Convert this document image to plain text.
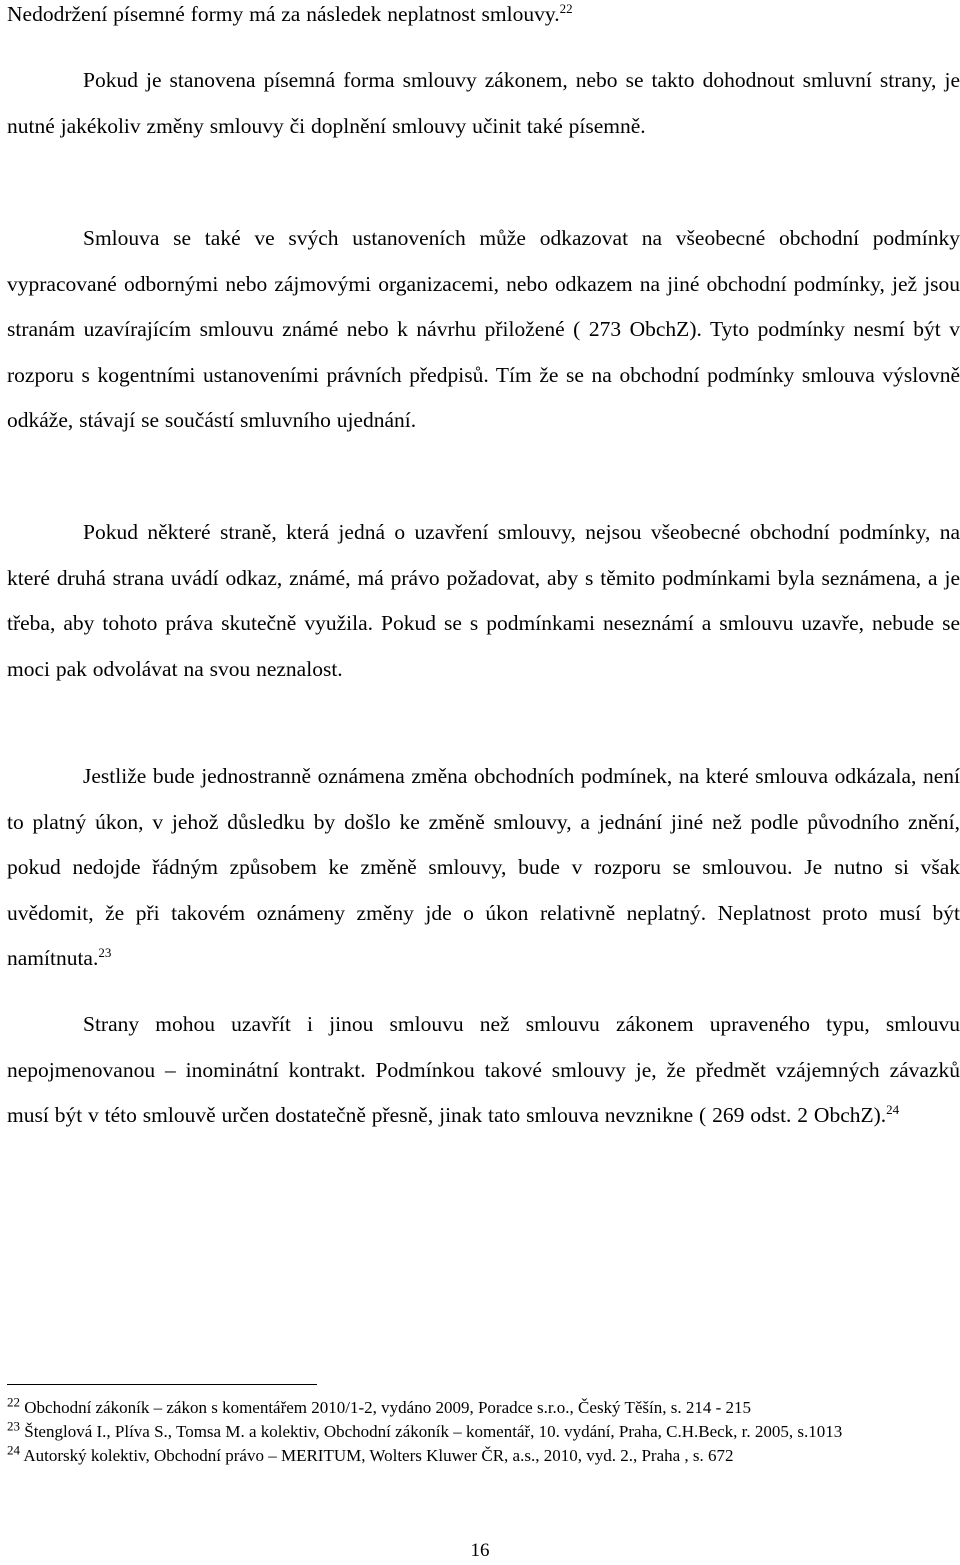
Nedodržení písemné formy má za následek neplatnost smlouvy.$^{22}$

Pokud je stanovena písemná forma smlouvy zákonem, nebo se takto dohodnout smluvní strany, je nutné jakékoliv změny smlouvy či doplnění smlouvy učinit také písemně.

Smlouva se také ve svých ustanoveních může odkazovat na všeobecné obchodní podmínky vypracované odbornými nebo zájmovými organizacemi, nebo odkazem na jiné obchodní podmínky, jež jsou stranám uzavírajícím smlouvu známé nebo k návrhu přiložené ( 273 ObchZ). Tyto podmínky nesmí být v rozporu s kogentními ustanoveními právních předpisů. Tím že se na obchodní podmínky smlouva výslovně odkáže, stávají se součástí smluvního ujednání.

Pokud některé straně, která jedná o uzavření smlouvy, nejsou všeobecné obchodní podmínky, na které druhá strana uvádí odkaz, známé, má právo požadovat, aby s těmito podmínkami byla seznámena, a je třeba, aby tohoto práva skutečně využila. Pokud se s podmínkami neseznámí a smlouvu uzavře, nebude se moci pak odvolávat na svou neznalost.

Jestliže bude jednostranně oznámena změna obchodních podmínek, na které smlouva odkázala, není to platný úkon, v jehož důsledku by došlo ke změně smlouvy, a jednání jiné než podle původního znění, pokud nedojde řádným způsobem ke změně smlouvy, bude v rozporu se smlouvou. Je nutno si však uvědomit, že při takovém oznámeny změny jde o úkon relativně neplatný. Neplatnost proto musí být namítnuta.$^{23}$

Strany mohou uzavřít i jinou smlouvu než smlouvu zákonem upraveného typu, smlouvu nepojmenovanou – inominátní kontrakt. Podmínkou takové smlouvy je, že předmět vzájemných závazků musí být v této smlouvě určen dostatečně přesně, jinak tato smlouva nevznikne ( 269 odst. 2 ObchZ).$^{24}$

$^{22}$ Obchodní zákoník – zákon s komentářem 2010/1-2, vydáno 2009, Poradce s.r.o., Český Těšín, s. 214 - 215

$^{23}$ Štenglová I., Plíva S., Tomsa M. a kolektiv, Obchodní zákoník – komentář, 10. vydání, Praha, C.H.Beck, r. 2005, s.1013

$^{24}$ Autorský kolektiv, Obchodní právo – MERITUM, Wolters Kluwer ČR, a.s., 2010, vyd. 2., Praha , s. 672

16
